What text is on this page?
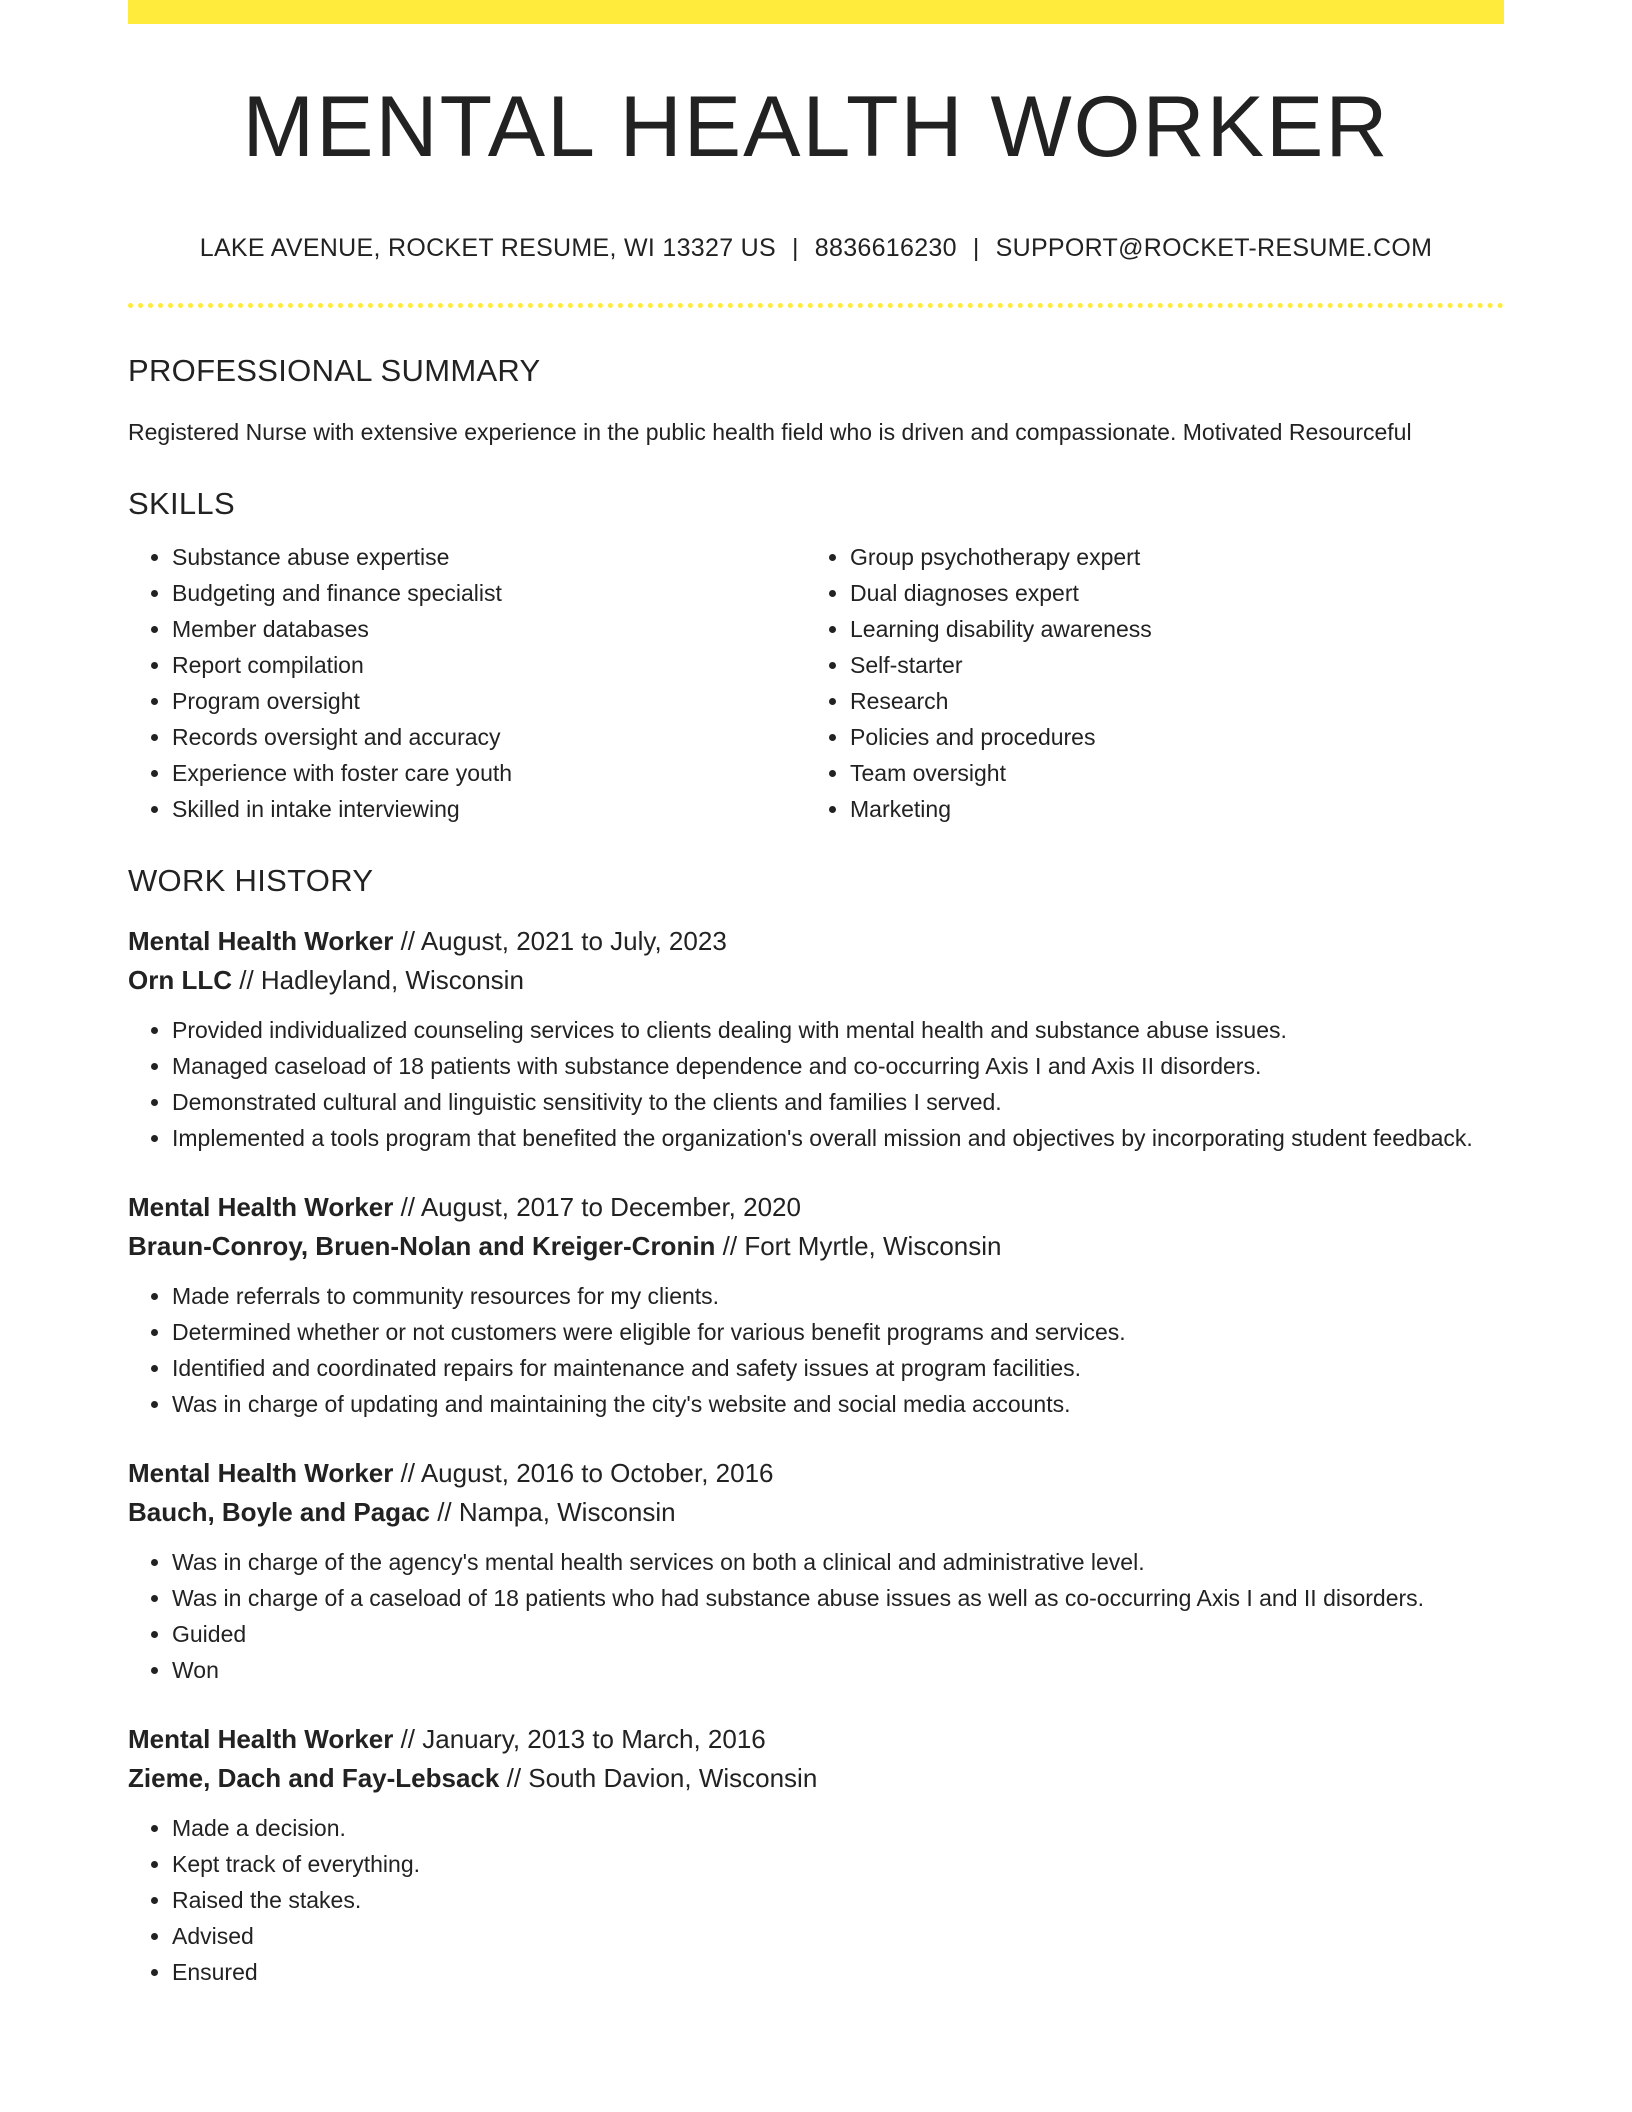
MENTAL HEALTH WORKER
LAKE AVENUE, ROCKET RESUME, WI 13327 US | 8836616230 | SUPPORT@ROCKET-RESUME.COM
PROFESSIONAL SUMMARY
Registered Nurse with extensive experience in the public health field who is driven and compassionate. Motivated Resourceful
SKILLS
• Substance abuse expertise
• Budgeting and finance specialist
• Member databases
• Report compilation
• Program oversight
• Records oversight and accuracy
• Experience with foster care youth
• Skilled in intake interviewing
• Group psychotherapy expert
• Dual diagnoses expert
• Learning disability awareness
• Self-starter
• Research
• Policies and procedures
• Team oversight
• Marketing
WORK HISTORY
Mental Health Worker // August, 2021 to July, 2023
Orn LLC // Hadleyland, Wisconsin
• Provided individualized counseling services to clients dealing with mental health and substance abuse issues.
• Managed caseload of 18 patients with substance dependence and co-occurring Axis I and Axis II disorders.
• Demonstrated cultural and linguistic sensitivity to the clients and families I served.
• Implemented a tools program that benefited the organization's overall mission and objectives by incorporating student feedback.
Mental Health Worker // August, 2017 to December, 2020
Braun-Conroy, Bruen-Nolan and Kreiger-Cronin // Fort Myrtle, Wisconsin
• Made referrals to community resources for my clients.
• Determined whether or not customers were eligible for various benefit programs and services.
• Identified and coordinated repairs for maintenance and safety issues at program facilities.
• Was in charge of updating and maintaining the city's website and social media accounts.
Mental Health Worker // August, 2016 to October, 2016
Bauch, Boyle and Pagac // Nampa, Wisconsin
• Was in charge of the agency's mental health services on both a clinical and administrative level.
• Was in charge of a caseload of 18 patients who had substance abuse issues as well as co-occurring Axis I and II disorders.
• Guided
• Won
Mental Health Worker // January, 2013 to March, 2016
Zieme, Dach and Fay-Lebsack // South Davion, Wisconsin
• Made a decision.
• Kept track of everything.
• Raised the stakes.
• Advised
• Ensured
